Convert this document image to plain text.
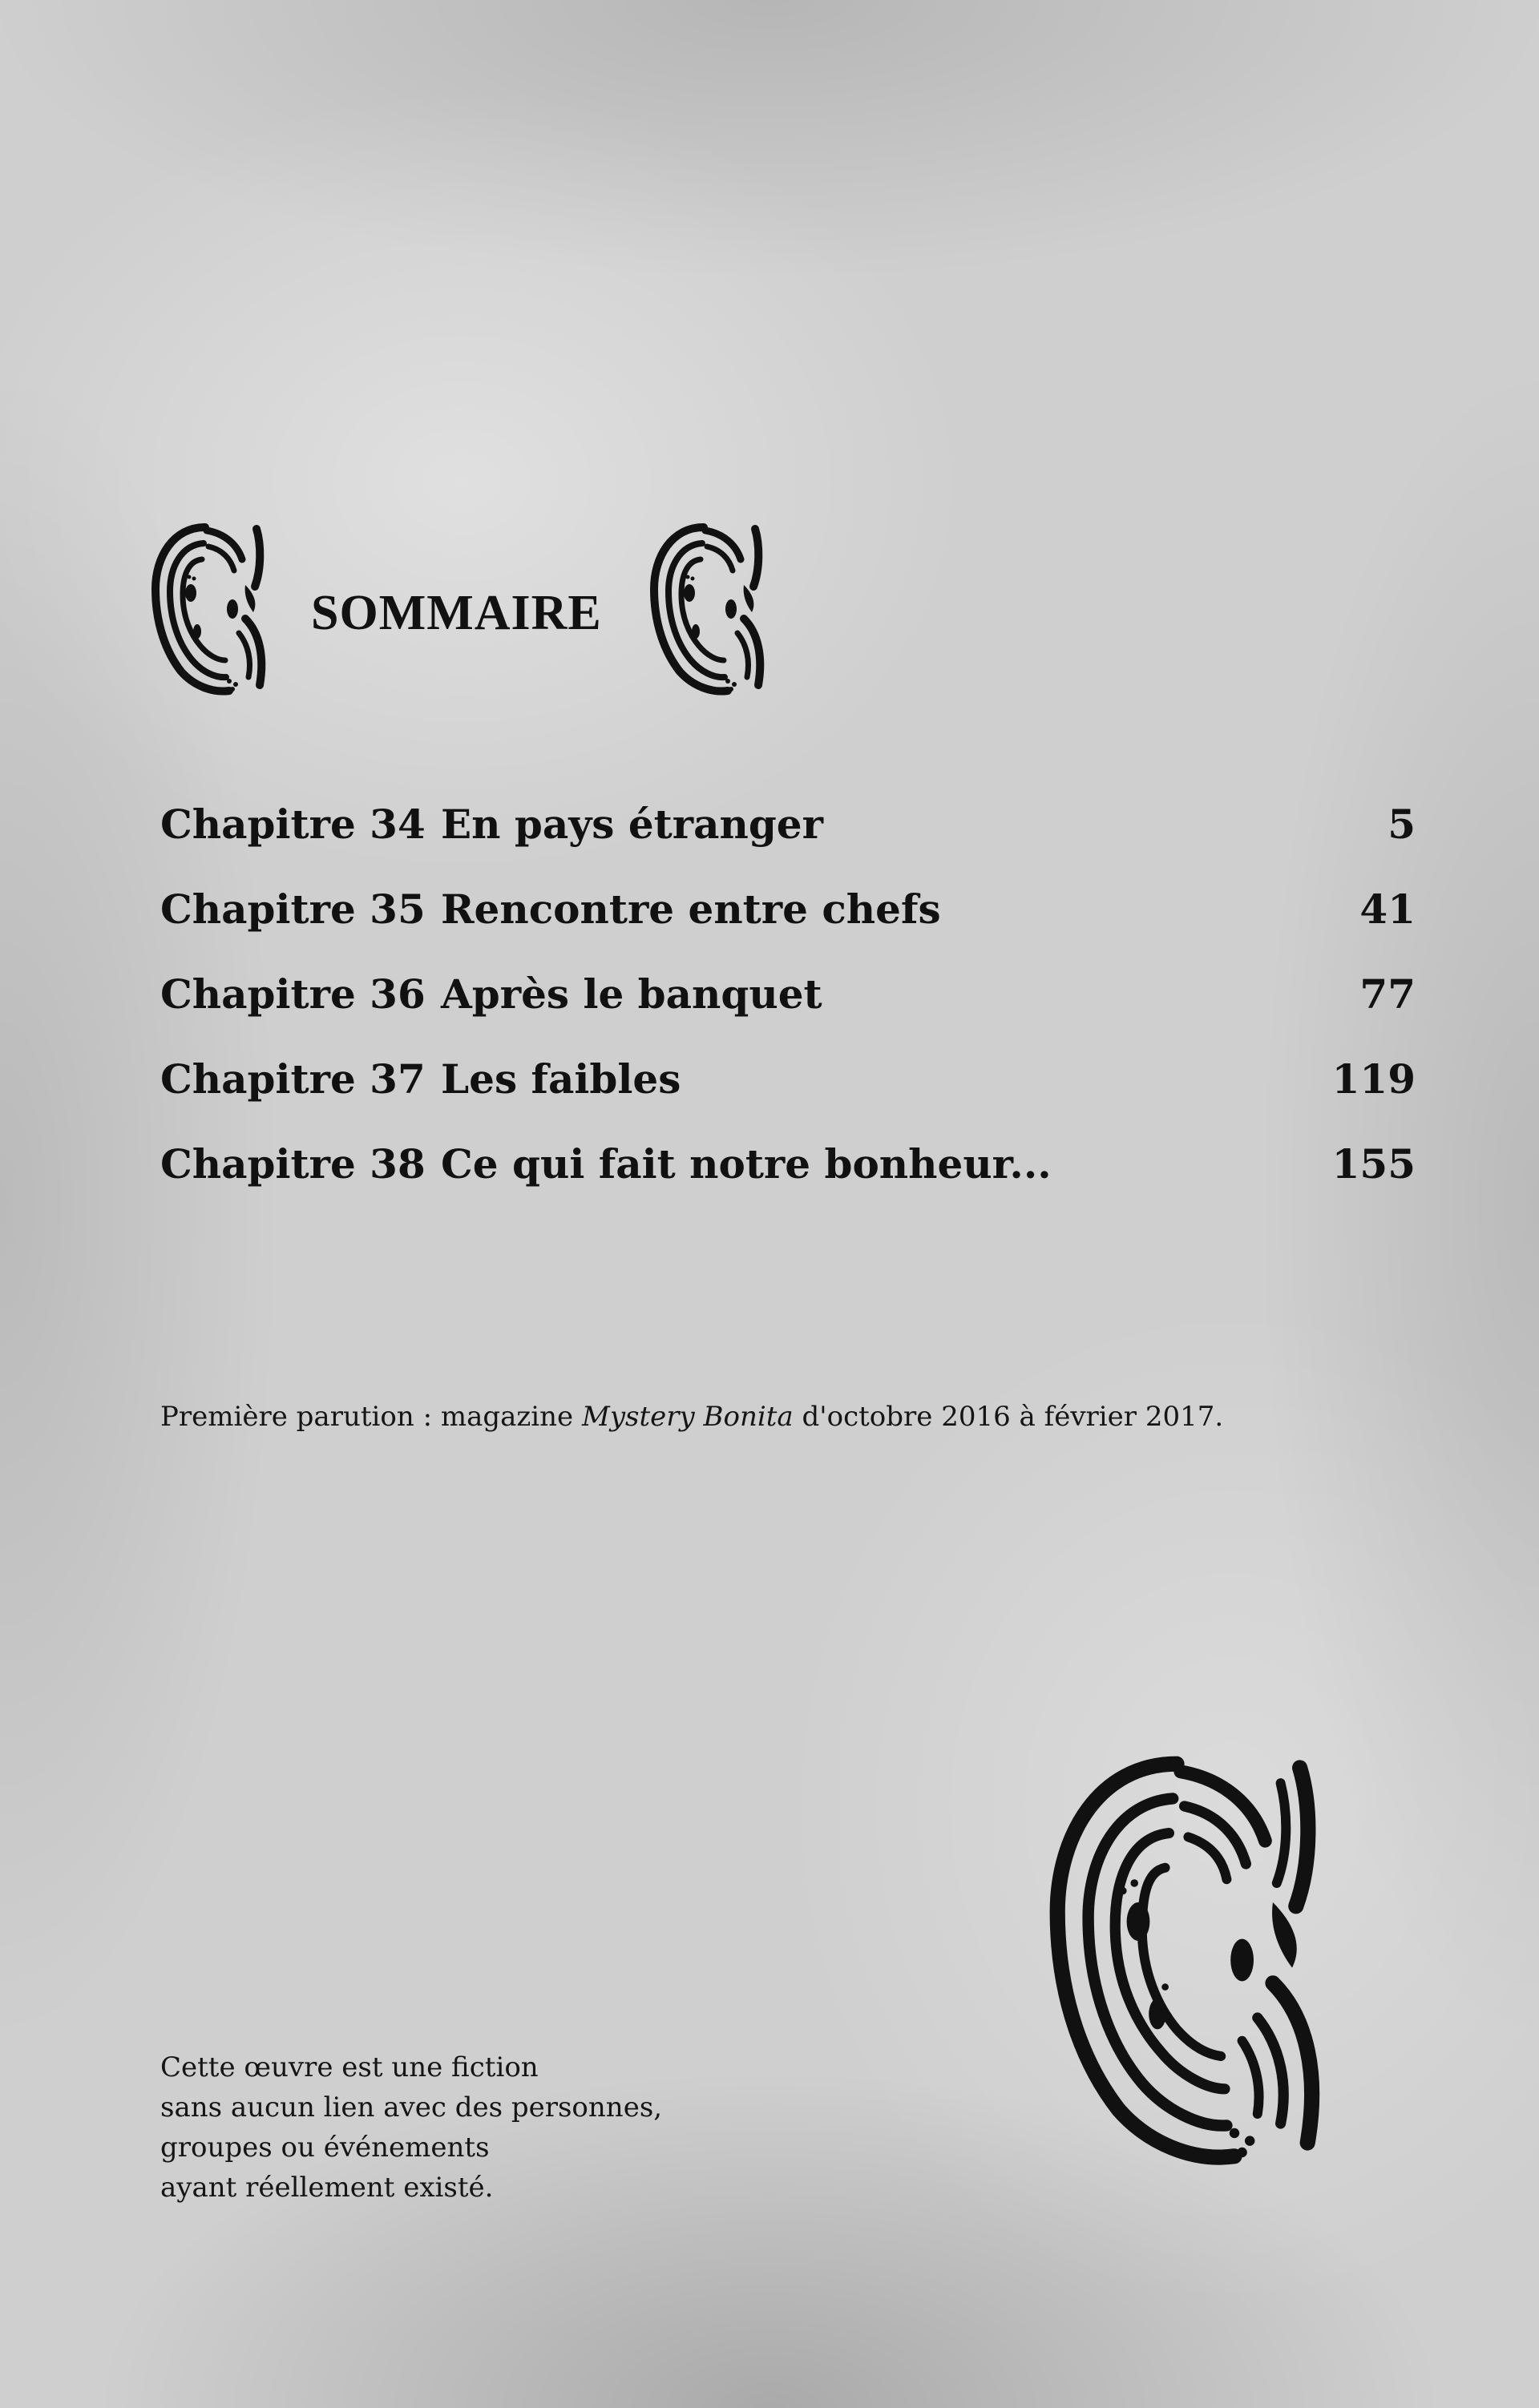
SOMMAIRE
Chapitre 34 En pays étranger	5
Chapitre 35 Rencontre entre chefs	41
Chapitre 36 Après le banquet	77
Chapitre 37 Les faibles	119
Chapitre 38 Ce qui fait notre bonheur...	155
Première parution : magazine Mystery Bonita d'octobre 2016 à février 2017.
Cette œuvre est une fiction
sans aucun lien avec des personnes,
groupes ou événements
ayant réellement existé.
